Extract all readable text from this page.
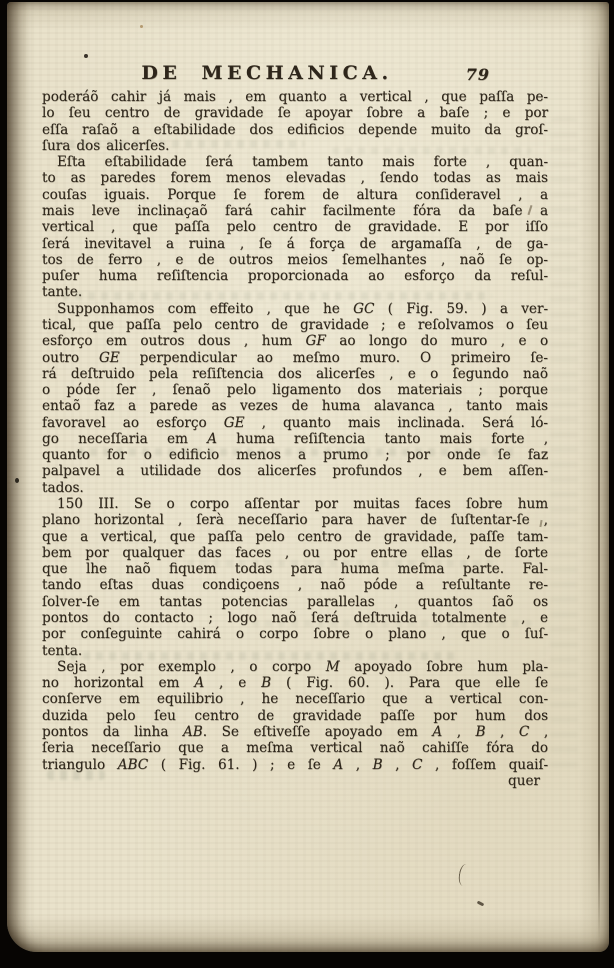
DE MECHANICA.	79
poderáõ cahir já mais , em quanto a vertical , que paſſa pe-
lo ſeu centro de gravidade ſe apoyar ſobre a baſe ; e por
eſſa raſaõ a eſtabilidade dos edificios depende muito da groſ-
ſura dos alicerſes.
Eſta eſtabilidade ſerá tambem tanto mais forte , quan-
to as paredes forem menos elevadas , ſendo todas as mais
couſas iguais. Porque ſe forem de altura conſideravel , a
mais leve inclinaçaõ fará cahir facilmente fóra da baſe a
vertical , que paſſa pelo centro de gravidade. E por iſſo
ſerá inevitavel a ruina , ſe á força de argamaſſa , de ga-
tos de ferro , e de outros meios ſemelhantes , naõ ſe op-
puſer huma reſiſtencia proporcionada ao esforço da reſul-
tante.
Supponhamos com effeito , que he GC ( Fig. 59. ) a ver-
tical, que paſſa pelo centro de gravidade ; e reſolvamos o ſeu
esforço em outros dous , hum GF ao longo do muro , e o
outro GE perpendicular ao meſmo muro. O primeiro ſe-
rá deſtruido pela reſiſtencia dos alicerſes , e o ſegundo naõ
o póde ſer , ſenaõ pelo ligamento dos materiais ; porque
entaõ faz a parede as vezes de huma alavanca , tanto mais
favoravel ao esforço GE , quanto mais inclinada. Será ló-
go neceſſaria em A huma reſiſtencia tanto mais forte ,
quanto for o edificio menos a prumo ; por onde ſe faz
palpavel a utilidade dos alicerſes profundos , e bem aſſen-
tados.
150 III. Se o corpo aſſentar por muitas faces ſobre hum
plano horizontal , ſerà neceſſario para haver de ſuſtentar-ſe ,
que a vertical, que paſſa pelo centro de gravidade, paſſe tam-
bem por qualquer das faces , ou por entre ellas , de ſorte
que lhe naõ fiquem todas para huma meſma parte. Fal-
tando eſtas duas condiçoens , naõ póde a reſultante re-
ſolver-ſe em tantas potencias parallelas , quantos ſaõ os
pontos do contacto ; logo naõ ſerá deſtruida totalmente , e
por conſeguinte cahirá o corpo ſobre o plano , que o ſuſ-
tenta.
Seja , por exemplo , o corpo M apoyado ſobre hum pla-
no horizontal em A , e B ( Fig. 60. ). Para que elle ſe
conſerve em equilibrio , he neceſſario que a vertical con-
duzida pelo ſeu centro de gravidade paſſe por hum dos
pontos da linha AB. Se eſtiveſſe apoyado em A , B , C ,
ſeria neceſſario que a meſma vertical naõ cahiſſe fóra do
triangulo ABC ( Fig. 61. ) ; e ſe A , B , C , foſſem quaiſ-
quer
